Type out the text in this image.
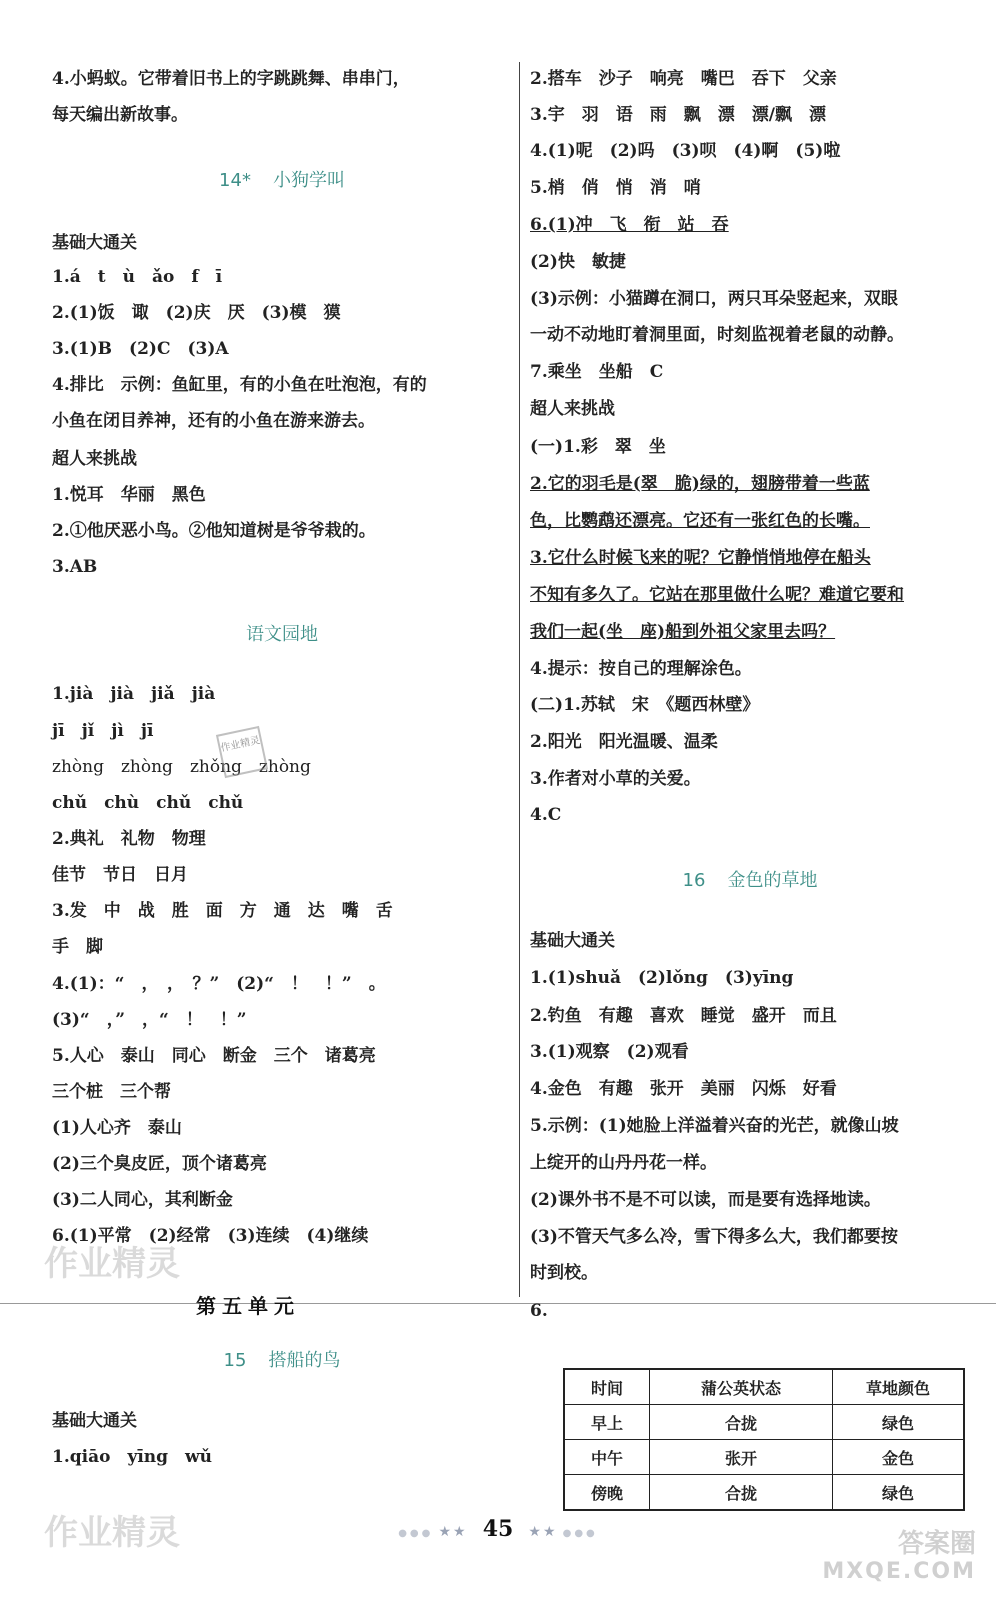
4.小蚂蚁。它带着旧书上的字跳跳舞、串串门，
每天编出新故事。
14* 小狗学叫
基础大通关
1.á　t　ù　ǎo　f　ī
2.(1)饭　诹　(2)庆　厌　(3)模　獏
3.(1)B　(2)C　(3)A
4.排比　示例：鱼缸里，有的小鱼在吐泡泡，有的
小鱼在闭目养神，还有的小鱼在游来游去。
超人来挑战
1.悦耳　华丽　黑色
2.①他厌恶小鸟。②他知道树是爷爷栽的。
3.AB
语文园地
1.jià　jià　jiǎ　jià
jī　jǐ　jì　jī
zhòng　zhòng　zhǒng　zhòng
chǔ　chù　chǔ　chǔ
2.典礼　礼物　物理
佳节　节日　日月
3.发　中　战　胜　面　方　通　达　嘴　舌
手　脚
4.(1)：“　，　，　？”　(2)“　！　！”　。
(3)“　，”　，“　！　！”
5.人心　泰山　同心　断金　三个　诸葛亮
三个桩　三个帮
(1)人心齐　泰山
(2)三个臭皮匠，顶个诸葛亮
(3)二人同心，其利断金
6.(1)平常　(2)经常　(3)连续　(4)继续
15 搭船的鸟
基础大通关
1.qiāo　yīng　wǔ
第五单元
2.搭车　沙子　响亮　嘴巴　吞下　父亲
3.宇　羽　语　雨　飘　漂　漂/飘　漂
4.(1)呢　(2)吗　(3)呗　(4)啊　(5)啦
5.梢　俏　悄　消　哨
6.(1)冲　飞　衔　站　吞
(2)快　敏捷
(3)示例：小猫蹲在洞口，两只耳朵竖起来，双眼
一动不动地盯着洞里面，时刻监视着老鼠的动静。
7.乘坐　坐船　C
超人来挑战
(一)1.彩　翠　坐
2.它的羽毛是(翠　脆)绿的，翅膀带着一些蓝
色，比鹦鹉还漂亮。它还有一张红色的长嘴。
3.它什么时候飞来的呢？它静悄悄地停在船头
不知有多久了。它站在那里做什么呢？难道它要和
我们一起(坐　座)船到外祖父家里去吗？
4.提示：按自己的理解涂色。
(二)1.苏轼　宋　《题西林壁》
2.阳光　阳光温暖、温柔
3.作者对小草的关爱。
4.C
16 金色的草地
基础大通关
1.(1)shuǎ　(2)lǒng　(3)yīng
2.钓鱼　有趣　喜欢　睡觉　盛开　而且
3.(1)观察　(2)观看
4.金色　有趣　张开　美丽　闪烁　好看
5.示例：(1)她脸上洋溢着兴奋的光芒，就像山坡
上绽开的山丹丹花一样。
(2)课外书不是不可以读，而是要有选择地读。
(3)不管天气多么冷，雪下得多么大，我们都要按
时到校。
6.
时间	蒲公英状态	草地颜色
早上	合拢	绿色
中午	张开	金色
傍晚	合拢	绿色
作业精灵
作业精灵
作业精灵	答案圈
MXQE.COM
●●● ★★ 45 ★★ ●●●
